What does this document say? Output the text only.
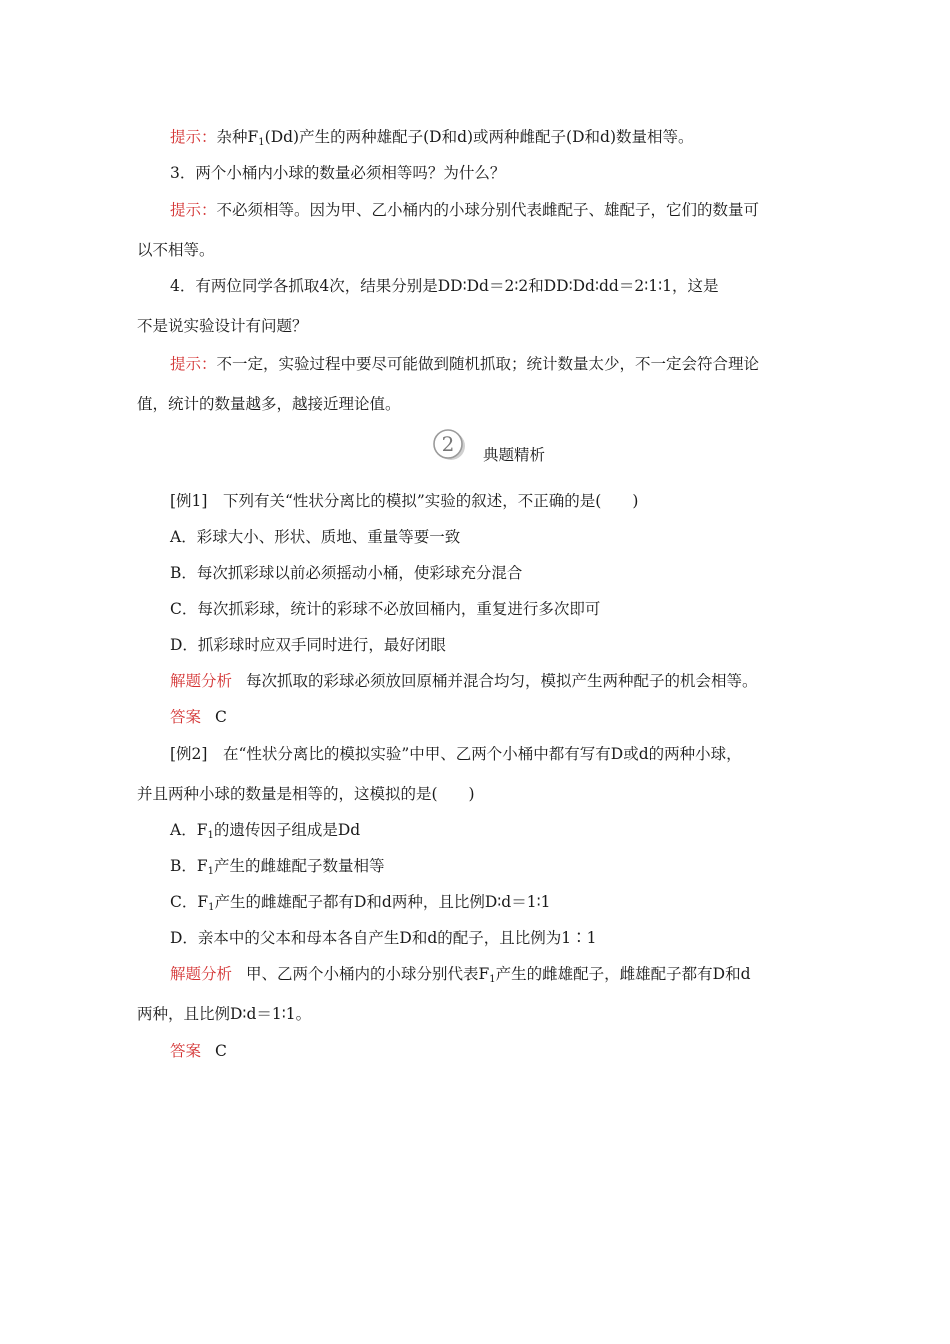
提示：杂种$F_1(Dd)$产生的两种雄配子(D和d)或两种雌配子(D和d)数量相等。
3．两个小桶内小球的数量必须相等吗？为什么？
提示：不必须相等。因为甲、乙小桶内的小球分别代表雌配子、雄配子，它们的数量可
以不相等。
4．有两位同学各抓取4次，结果分别是DD∶Dd＝2∶2和DD∶Dd∶dd＝2∶1∶1，这是
不是说实验设计有问题？
提示：不一定，实验过程中要尽可能做到随机抓取；统计数量太少，不一定会符合理论
值，统计的数量越多，越接近理论值。
2 典题精析
[例1]　下列有关“性状分离比的模拟”实验的叙述，不正确的是(　　)
A．彩球大小、形状、质地、重量等要一致
B．每次抓彩球以前必须摇动小桶，使彩球充分混合
C．每次抓彩球，统计的彩球不必放回桶内，重复进行多次即可
D．抓彩球时应双手同时进行，最好闭眼
解题分析 每次抓取的彩球必须放回原桶并混合均匀，模拟产生两种配子的机会相等。
答案 C
[例2]　在“性状分离比的模拟实验”中甲、乙两个小桶中都有写有D或d的两种小球，
并且两种小球的数量是相等的，这模拟的是(　　)
A．$F_1$的遗传因子组成是Dd
B．$F_1$产生的雌雄配子数量相等
C．$F_1$产生的雌雄配子都有D和d两种，且比例D∶d＝1∶1
D．亲本中的父本和母本各自产生D和d的配子，且比例为1∶1
解题分析 甲、乙两个小桶内的小球分别代表$F_1$产生的雌雄配子，雌雄配子都有D和d
两种，且比例D∶d＝1∶1。
答案 C
